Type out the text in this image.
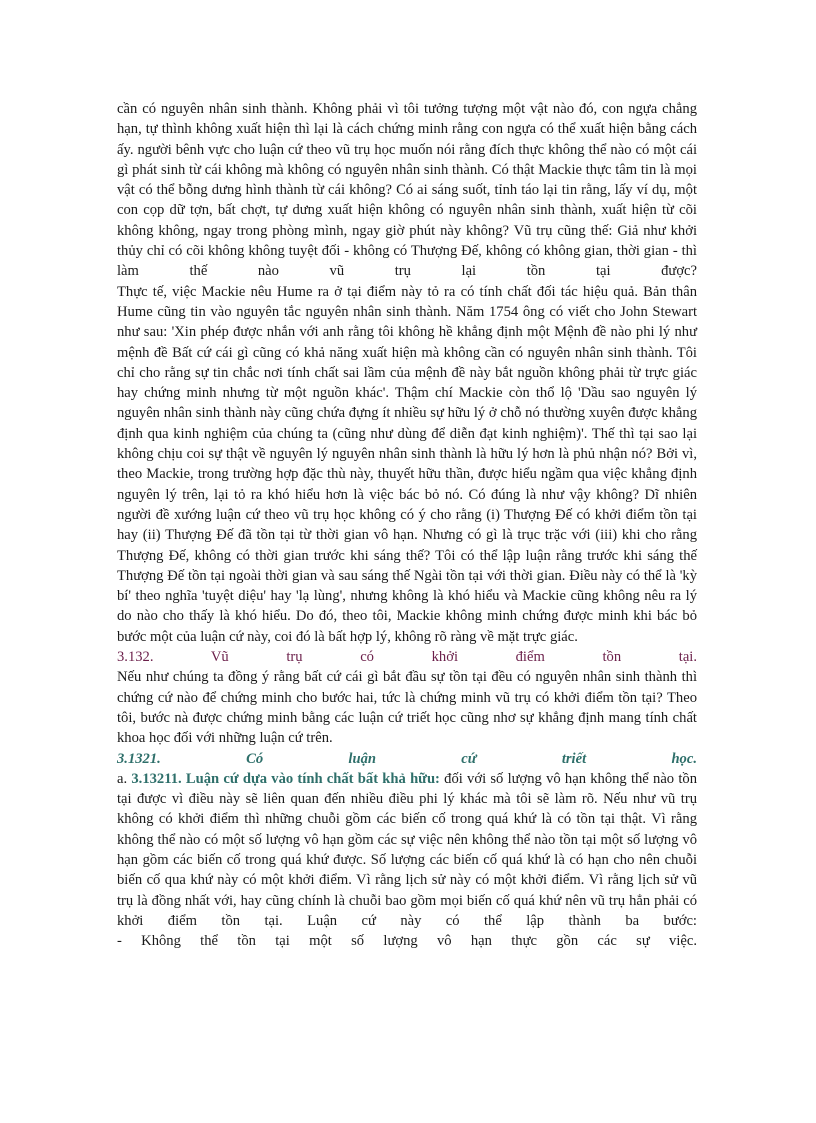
cần có nguyên nhân sinh thành. Không phải vì tôi tưởng tượng một vật nào đó, con ngựa chẳng hạn, tự thình không xuất hiện thì lại là cách chứng minh rằng con ngựa có thể xuất hiện bằng cách ấy. người bênh vực cho luận cứ theo vũ trụ học muốn nói rằng đích thực không thể nào có một cái gì phát sinh từ cái không mà không có nguyên nhân sinh thành. Có thật Mackie thực tâm tin là mọi vật có thể bỗng dưng hình thành từ cái không? Có ai sáng suốt, tỉnh táo lại tin rằng, lấy ví dụ, một con cọp dữ tợn, bất chợt, tự dưng xuất hiện không có nguyên nhân sinh thành, xuất hiện từ cõi không không, ngay trong phòng mình, ngay giờ phút này không? Vũ trụ cũng thế: Giả như khởi thủy chỉ có cõi không không tuyệt đối - không có Thượng Đế, không có không gian, thời gian - thì làm thế nào vũ trụ lại tồn tại được?

Thực tế, việc Mackie nêu Hume ra ở tại điểm này tỏ ra có tính chất đối tác hiệu quả. Bản thân Hume cũng tin vào nguyên tắc nguyên nhân sinh thành. Năm 1754 ông có viết cho John Stewart như sau: 'Xin phép được nhắn với anh rằng tôi không hề khẳng định một Mệnh đề nào phi lý như mệnh đề Bất cứ cái gì cũng có khả năng xuất hiện mà không cần có nguyên nhân sinh thành. Tôi chỉ cho rằng sự tin chắc nơi tính chất sai lầm của mệnh đề này bắt nguồn không phải từ trực giác hay chứng minh nhưng từ một nguồn khác'. Thậm chí Mackie còn thổ lộ 'Dầu sao nguyên lý nguyên nhân sinh thành này cũng chứa đựng ít nhiều sự hữu lý ở chỗ nó thường xuyên được khẳng định qua kinh nghiệm của chúng ta (cũng như dùng để diễn đạt kinh nghiệm)'. Thế thì tại sao lại không chịu coi sự thật về nguyên lý nguyên nhân sinh thành là hữu lý hơn là phủ nhận nó? Bởi vì, theo Mackie, trong trường hợp đặc thù này, thuyết hữu thần, được hiểu ngầm qua việc khẳng định nguyên lý trên, lại tỏ ra khó hiểu hơn là việc bác bỏ nó. Có đúng là như vậy không? Dĩ nhiên người đề xướng luận cứ theo vũ trụ học không có ý cho rằng (i) Thượng Đế có khởi điểm tồn tại hay (ii) Thượng Đế đã tồn tại từ thời gian vô hạn. Nhưng có gì là trục trặc với (iii) khi cho rằng Thượng Đế, không có thời gian trước khi sáng thế? Tôi có thể lập luận rằng trước khi sáng thế Thượng Đế tồn tại ngoài thời gian và sau sáng thế Ngài tồn tại với thời gian. Điều này có thể là 'kỳ bí' theo nghĩa 'tuyệt diệu' hay 'lạ lùng', nhưng không là khó hiểu và Mackie cũng không nêu ra lý do nào cho thấy là khó hiểu. Do đó, theo tôi, Mackie không minh chứng được minh khi bác bỏ bước một của luận cứ này, coi đó là bất hợp lý, không rõ ràng về mặt trực giác.

3.132. Vũ trụ có khởi điểm tồn tại.

Nếu như chúng ta đồng ý rằng bất cứ cái gì bắt đầu sự tồn tại đều có nguyên nhân sinh thành thì chứng cứ nào để chứng minh cho bước hai, tức là chứng minh vũ trụ có khởi điểm tồn tại? Theo tôi, bước nà được chứng minh bằng các luận cứ triết học cũng nhơ sự khẳng định mang tính chất khoa học đối với những luận cứ trên.

3.1321. Có luận cứ triết học.

a. 3.13211. Luận cứ dựa vào tính chất bất khả hữu: đối với số lượng vô hạn không thể nào tồn tại được vì điều này sẽ liên quan đến nhiều điều phi lý khác mà tôi sẽ làm rõ. Nếu như vũ trụ không có khởi điểm thì những chuỗi gồm các biến cố trong quá khứ là có tồn tại thật. Vì rằng không thể nào có một số lượng vô hạn gồm các sự việc nên không thể nào tồn tại một số lượng vô hạn gồm các biến cố trong quá khứ được. Số lượng các biến cố quá khứ là có hạn cho nên chuỗi biến cố qua khứ này có một khởi điểm. Vì rằng lịch sử này có một khởi điểm. Vì rằng lịch sử vũ trụ là đồng nhất với, hay cũng chính là chuỗi bao gồm mọi biến cố quá khứ nên vũ trụ hẳn phải có khởi điểm tồn tại. Luận cứ này có thể lập thành ba bước:

- Không thể tồn tại một số lượng vô hạn thực gồn các sự việc.
